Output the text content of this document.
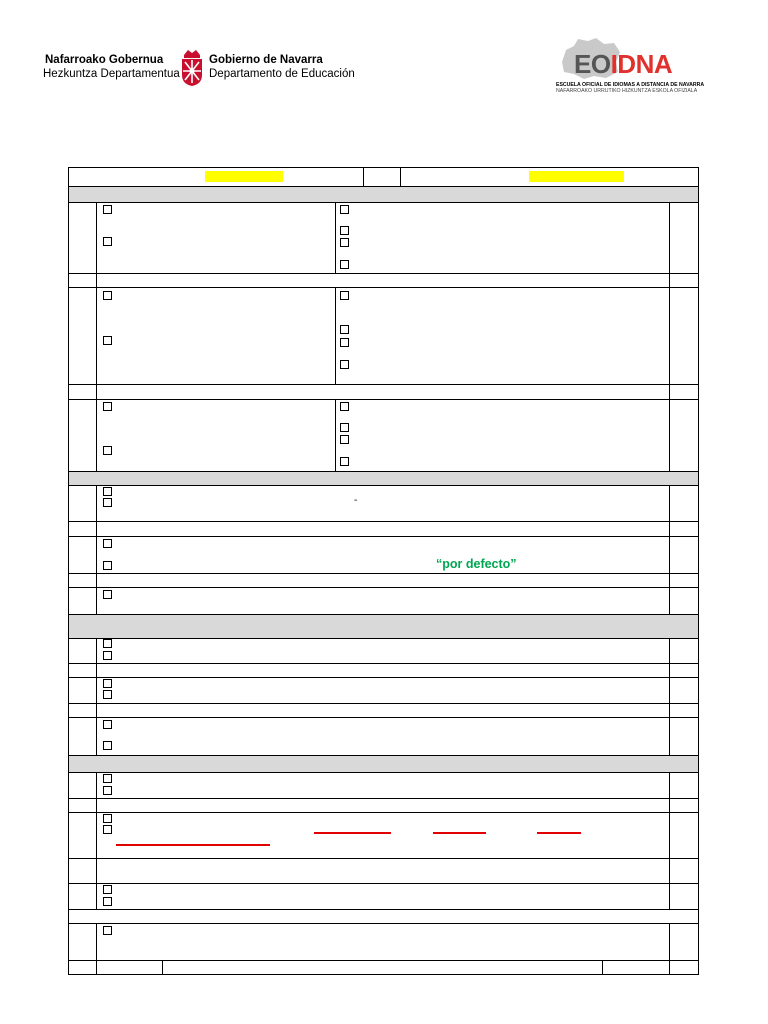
Nafarroako Gobernua
Hezkuntza Departamentua
Gobierno de Navarra
Departamento de Educación	EOIDNA
ESCUELA OFICIAL DE IDIOMAS A DISTANCIA DE NAVARRA
NAFARROAKO URRUTIKO HIZKUNTZA ESKOLA OFIZIALA
-
“por defecto”
